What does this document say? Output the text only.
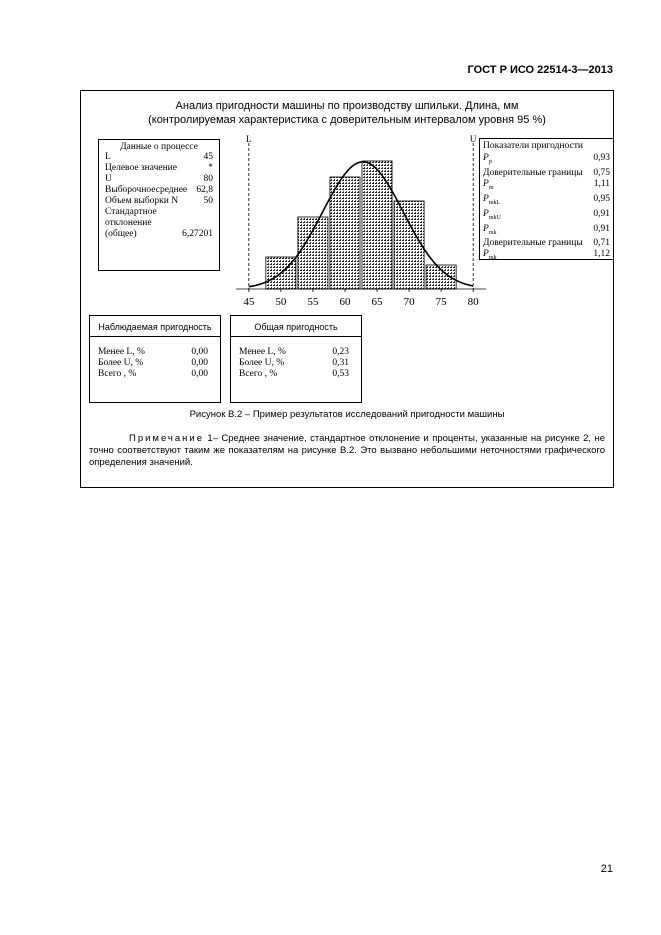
ГОСТ Р ИСО 22514-3—2013
Анализ пригодности машины по производству шпильки. Длина, мм
(контролируемая характеристика с доверительным интервалом уровня 95 %)
L	U
45 50 55 60 65 70 75 80
Данные о процессе
L	45
Целевое значение	*
U	80
Выборочноесреднее 62,8
Объем выборки N	50
Стандартное
отклонение
(общее)	6,27201
Показатели пригодности
$P_p$	0,93
Доверительные границы 0,75
$P_m$	1,11
$P_{mkL}$	0,95
$P_{mkU}$	0,91
$P_{mk}$	0,91
Доверительные границы 0,71
$P_{mk}$	1,12
Наблюдаемая пригодность
Менее L, %	0,00
Более U, %	0,00
Всего , %	0,00
Общая пригодность
Менее L, %	0,23
Более U, %	0,31
Всего , %	0,53
Рисунок В.2 – Пример результатов исследований пригодности машины
Примечание 1– Среднее значение, стандартное отклонение и проценты, указанные на рисунке 2, не точно соответствуют таким же показателям на рисунке В.2. Это вызвано небольшими неточностями графического определения значений.
21
